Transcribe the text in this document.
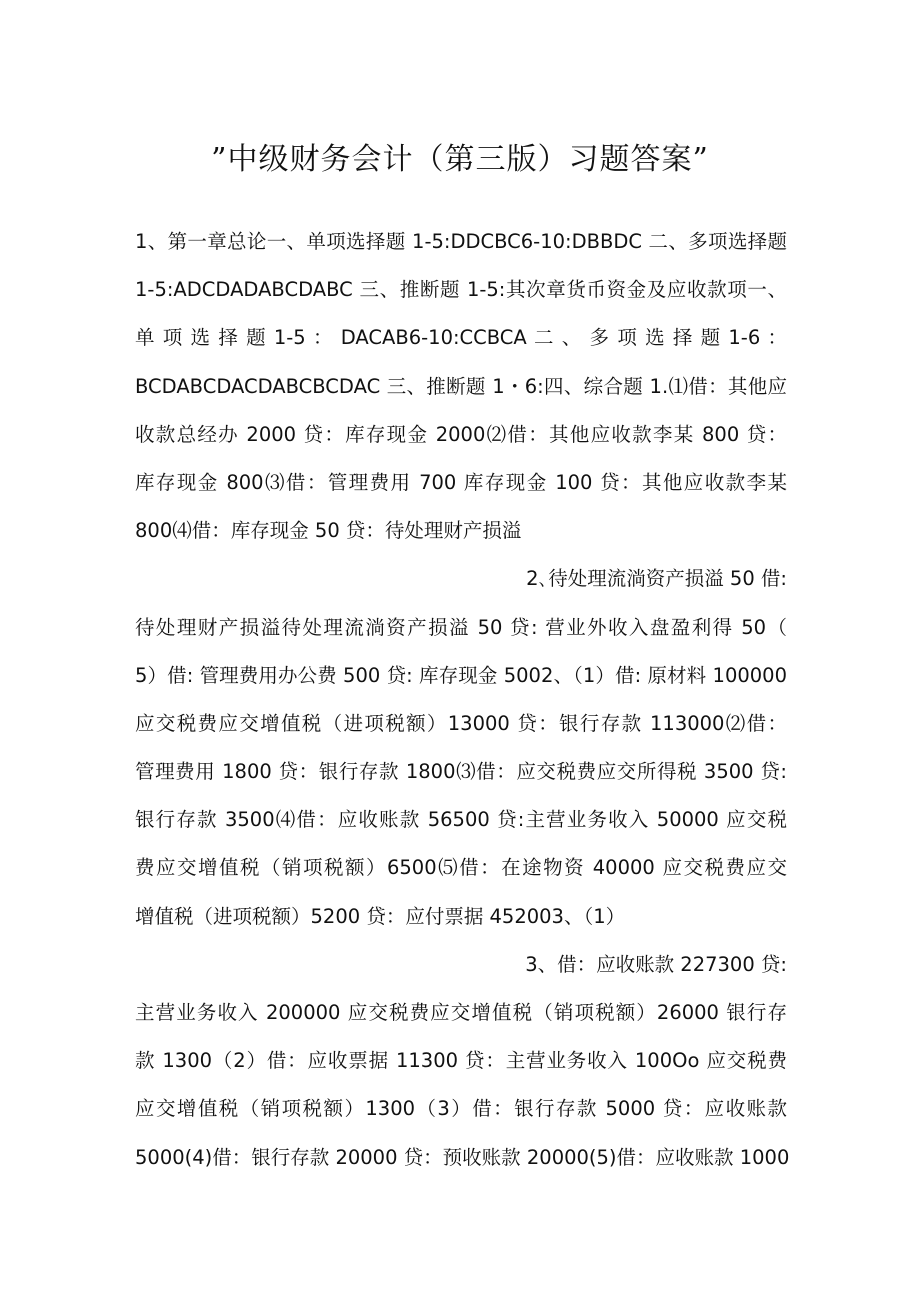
”中级财务会计（第三版）习题答案”
1、第一章总论一、单项选择题 1-5:DDCBC6-10:DBBDC 二、多项选择题
1-5:ADCDADABCDABC 三、推断题 1-5:其次章货币资金及应收款项一、
单 项 选 择 题 1-5 ： DACAB6-10:CCBCA 二 、 多 项 选 择 题 1-6 ：
BCDABCDACDABCBCDAC 三、推断题 1・6:四、综合题 1.⑴借：其他应
收款总经办 2000 贷：库存现金 2000⑵借：其他应收款李某 800 贷：
库存现金 800⑶借：管理费用 700 库存现金 100 贷：其他应收款李某
800⑷借：库存现金 50 贷：待处理财产损溢
2､待处理流淌资产损溢 50 借:
待处理财产损溢待处理流淌资产损溢 50 贷: 营业外收入盘盈利得 50（
5）借: 管理费用办公费 500 贷: 库存现金 5002、（1）借: 原材料 100000
应交税费应交增值税（进项税额）13000 贷：银行存款 113000⑵借：
管理费用 1800 贷：银行存款 1800⑶借：应交税费应交所得税 3500 贷:
银行存款 3500⑷借：应收账款 56500 贷:主营业务收入 50000 应交税
费应交增值税（销项税额）6500⑸借：在途物资 40000 应交税费应交
增值税（进项税额）5200 贷：应付票据 452003、（1）
3、借：应收账款 227300 贷:
主营业务收入 200000 应交税费应交增值税（销项税额）26000 银行存
款 1300（2）借：应收票据 11300 贷：主营业务收入 100Oo 应交税费
应交增值税（销项税额）1300（3）借：银行存款 5000 贷：应收账款
5000(4)借：银行存款 20000 贷：预收账款 20000(5)借：应收账款 1000
